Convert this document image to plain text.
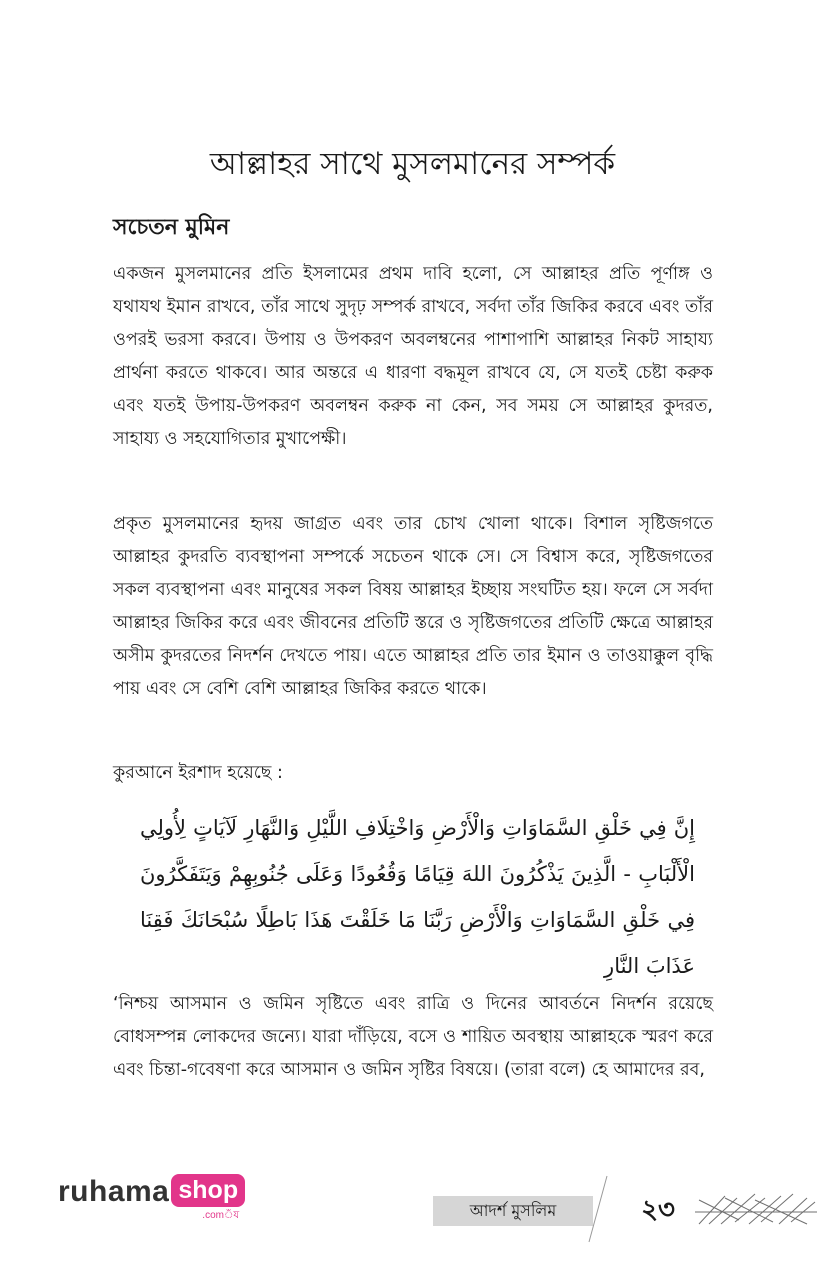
আল্লাহর সাথে মুসলমানের সম্পর্ক
সচেতন মুমিন

একজন মুসলমানের প্রতি ইসলামের প্রথম দাবি হলো, সে আল্লাহর প্রতি পূর্ণাঙ্গ ও যথাযথ ইমান রাখবে, তাঁর সাথে সুদৃঢ় সম্পর্ক রাখবে, সর্বদা তাঁর জিকির করবে এবং তাঁর ওপরই ভরসা করবে। উপায় ও উপকরণ অবলম্বনের পাশাপাশি আল্লাহর নিকট সাহায্য প্রার্থনা করতে থাকবে। আর অন্তরে এ ধারণা বদ্ধমূল রাখবে যে, সে যতই চেষ্টা করুক এবং যতই উপায়-উপকরণ অবলম্বন করুক না কেন, সব সময় সে আল্লাহর কুদরত, সাহায্য ও সহযোগিতার মুখাপেক্ষী।

প্রকৃত মুসলমানের হৃদয় জাগ্রত এবং তার চোখ খোলা থাকে। বিশাল সৃষ্টিজগতে আল্লাহর কুদরতি ব্যবস্থাপনা সম্পর্কে সচেতন থাকে সে। সে বিশ্বাস করে, সৃষ্টিজগতের সকল ব্যবস্থাপনা এবং মানুষের সকল বিষয় আল্লাহর ইচ্ছায় সংঘটিত হয়। ফলে সে সর্বদা আল্লাহর জিকির করে এবং জীবনের প্রতিটি স্তরে ও সৃষ্টিজগতের প্রতিটি ক্ষেত্রে আল্লাহর অসীম কুদরতের নিদর্শন দেখতে পায়। এতে আল্লাহর প্রতি তার ইমান ও তাওয়াক্কুল বৃদ্ধি পায় এবং সে বেশি বেশি আল্লাহর জিকির করতে থাকে।

কুরআনে ইরশাদ হয়েছে :

إِنَّ فِي خَلْقِ السَّمَاوَاتِ وَالْأَرْضِ وَاخْتِلَافِ اللَّيْلِ وَالنَّهَارِ لَآيَاتٍ لِأُولِي الْأَلْبَابِ - الَّذِينَ يَذْكُرُونَ اللهَ قِيَامًا وَقُعُودًا وَعَلَى جُنُوبِهِمْ وَيَتَفَكَّرُونَ فِي خَلْقِ السَّمَاوَاتِ وَالْأَرْضِ رَبَّنَا مَا خَلَقْتَ هَذَا بَاطِلًا سُبْحَانَكَ فَقِنَا عَذَابَ النَّارِ

‘নিশ্চয় আসমান ও জমিন সৃষ্টিতে এবং রাত্রি ও দিনের আবর্তনে নিদর্শন রয়েছে বোধসম্পন্ন লোকদের জন্যে। যারা দাঁড়িয়ে, বসে ও শায়িত অবস্থায় আল্লাহকে স্মরণ করে এবং চিন্তা-গবেষণা করে আসমান ও জমিন সৃষ্টির বিষয়ে। (তারা বলে) হে আমাদের রব,

ruhama shop
.comঁয	আদর্শ মুসলিম	২৩
